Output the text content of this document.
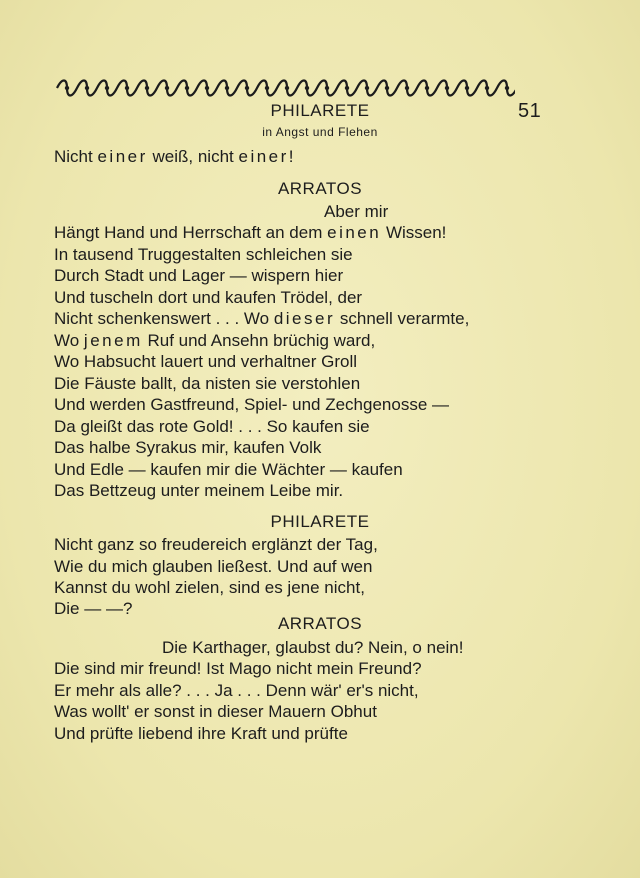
51
PHILARETE
in Angst und Flehen
Nicht einer weiß, nicht einer!
ARRATOS
Aber mir
Hängt Hand und Herrschaft an dem einen Wissen!
In tausend Truggestalten schleichen sie
Durch Stadt und Lager — wispern hier
Und tuscheln dort und kaufen Trödel, der
Nicht schenkenswert . . . Wo dieser schnell verarmte,
Wo jenem Ruf und Ansehn brüchig ward,
Wo Habsucht lauert und verhaltner Groll
Die Fäuste ballt, da nisten sie verstohlen
Und werden Gastfreund, Spiel- und Zechgenosse —
Da gleißt das rote Gold! . . . So kaufen sie
Das halbe Syrakus mir, kaufen Volk
Und Edle — kaufen mir die Wächter — kaufen
Das Bettzeug unter meinem Leibe mir.
PHILARETE
Nicht ganz so freudereich erglänzt der Tag,
Wie du mich glauben ließest. Und auf wen
Kannst du wohl zielen, sind es jene nicht,
Die — —?
ARRATOS
Die Karthager, glaubst du? Nein, o nein!
Die sind mir freund! Ist Mago nicht mein Freund?
Er mehr als alle? . . . Ja . . . Denn wär' er's nicht,
Was wollt' er sonst in dieser Mauern Obhut
Und prüfte liebend ihre Kraft und prüfte
